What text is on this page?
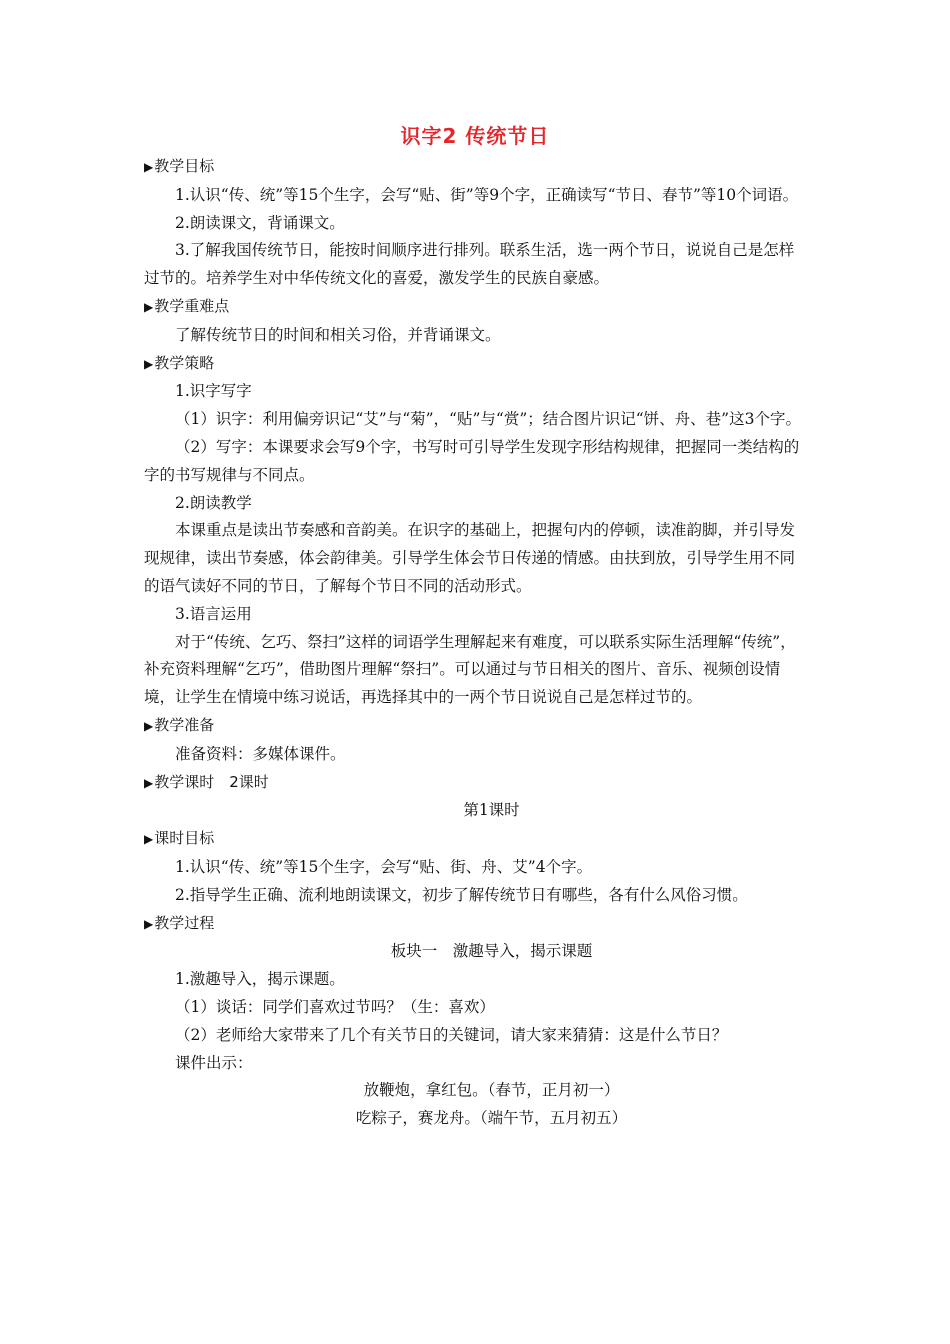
识字2 传统节日

▶教学目标

1.认识“传、统”等15个生字，会写“贴、街”等9个字，正确读写“节日、春节”等10个词语。

2.朗读课文，背诵课文。

3.了解我国传统节日，能按时间顺序进行排列。联系生活，选一两个节日，说说自己是怎样过节的。培养学生对中华传统文化的喜爱，激发学生的民族自豪感。

▶教学重难点

了解传统节日的时间和相关习俗，并背诵课文。

▶教学策略

1.识字写字

（1）识字：利用偏旁识记“艾”与“菊”，“贴”与“赏”；结合图片识记“饼、舟、巷”这3个字。

（2）写字：本课要求会写9个字，书写时可引导学生发现字形结构规律，把握同一类结构的字的书写规律与不同点。

2.朗读教学

本课重点是读出节奏感和音韵美。在识字的基础上，把握句内的停顿，读准韵脚，并引导发现规律，读出节奏感，体会韵律美。引导学生体会节日传递的情感。由扶到放，引导学生用不同的语气读好不同的节日，了解每个节日不同的活动形式。

3.语言运用

对于“传统、乞巧、祭扫”这样的词语学生理解起来有难度，可以联系实际生活理解“传统”，补充资料理解“乞巧”，借助图片理解“祭扫”。可以通过与节日相关的图片、音乐、视频创设情境，让学生在情境中练习说话，再选择其中的一两个节日说说自己是怎样过节的。

▶教学准备

准备资料：多媒体课件。

▶教学课时　2课时

第1课时

▶课时目标

1.认识“传、统”等15个生字，会写“贴、街、舟、艾”4个字。

2.指导学生正确、流利地朗读课文，初步了解传统节日有哪些，各有什么风俗习惯。

▶教学过程

板块一　激趣导入，揭示课题

1.激趣导入，揭示课题。

（1）谈话：同学们喜欢过节吗？（生：喜欢）

（2）老师给大家带来了几个有关节日的关键词，请大家来猜猜：这是什么节日？

课件出示：

放鞭炮，拿红包。（春节，正月初一）

吃粽子，赛龙舟。（端午节，五月初五）
